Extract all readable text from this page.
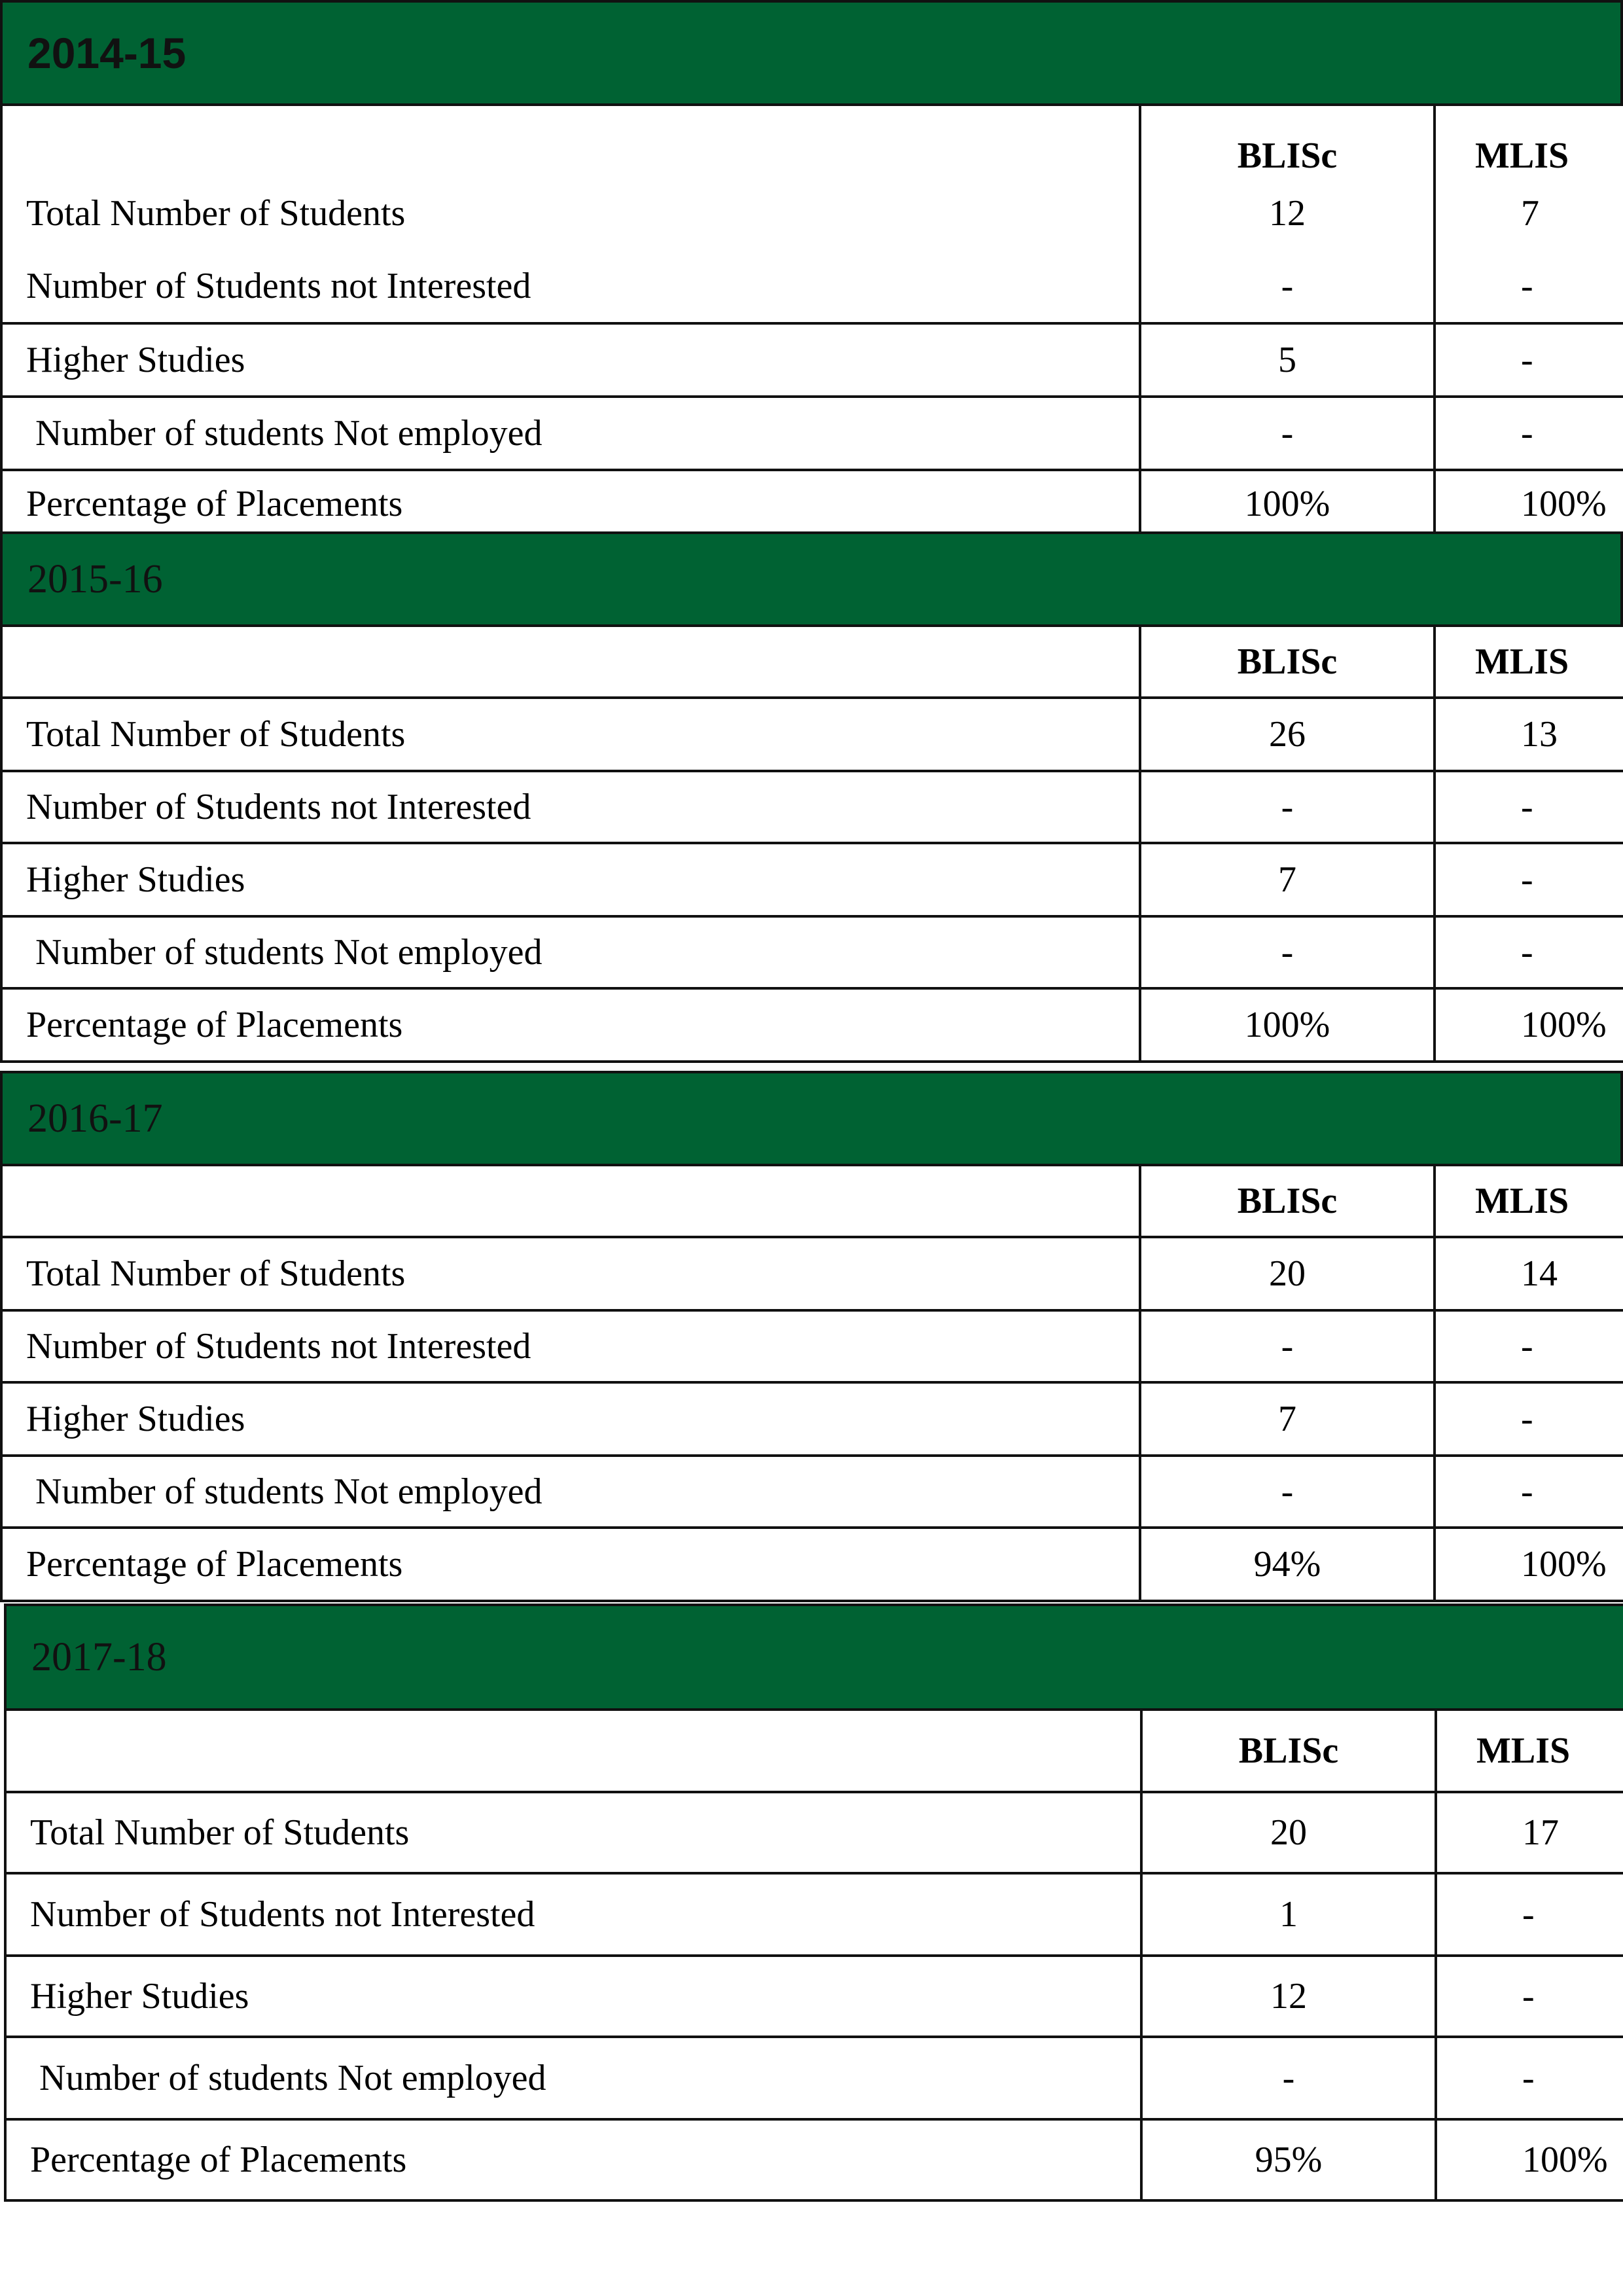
2014-15
	BLISc	MLIS
Total Number of Students	12	7
Number of Students not Interested	-	-
Higher Studies	5	-
Number of students Not employed	-	-
Percentage of Placements	100%	100%
2015-16
	BLISc	MLIS
Total Number of Students	26	13
Number of Students not Interested	-	-
Higher Studies	7	-
Number of students Not employed	-	-
Percentage of Placements	100%	100%
2016-17
	BLISc	MLIS
Total Number of Students	20	14
Number of Students not Interested	-	-
Higher Studies	7	-
Number of students Not employed	-	-
Percentage of Placements	94%	100%
2017-18
	BLISc	MLIS
Total Number of Students	20	17
Number of Students not Interested	1	-
Higher Studies	12	-
Number of students Not employed	-	-
Percentage of Placements	95%	100%
